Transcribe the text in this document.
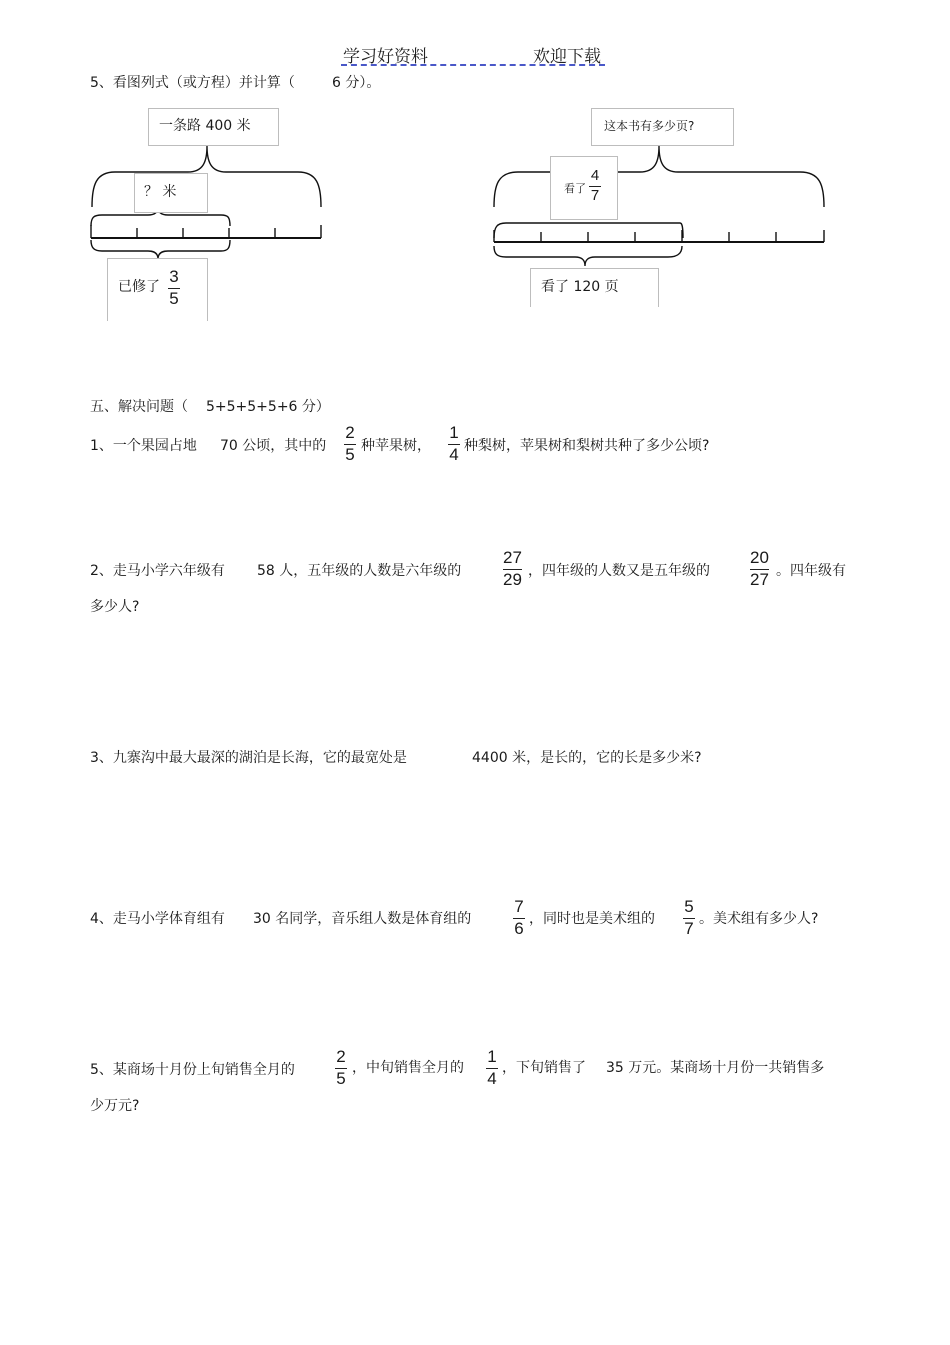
学习好资料	欢迎下载
5、看图列式（或方程）并计算（	6 分）。
一条路 400 米
？ 米
已修了
3
5
这本书有多少页?
看了
4
7
看了 120 页
五、解决问题（ 5+5+5+5+6 分）
1、一个果园占地 70 公顷，其中的
2
5 种苹果树，
1
4 种梨树，苹果树和梨树共种了多少公顷?
2、走马小学六年级有 58 人，五年级的人数是六年级的
27
29 ，四年级的人数又是五年级的
20
27 。四年级有
多少人?
3、九寨沟中最大最深的湖泊是长海，它的最宽处是	4400 米，是长的，它的长是多少米?
4、走马小学体育组有 30 名同学，音乐组人数是体育组的
7
6 ，同时也是美术组的
5
7 。美术组有多少人?
5、某商场十月份上旬销售全月的
2
5
，中旬销售全月的
1
4
，下旬销售了 35 万元。某商场十月份一共销售多
少万元?
